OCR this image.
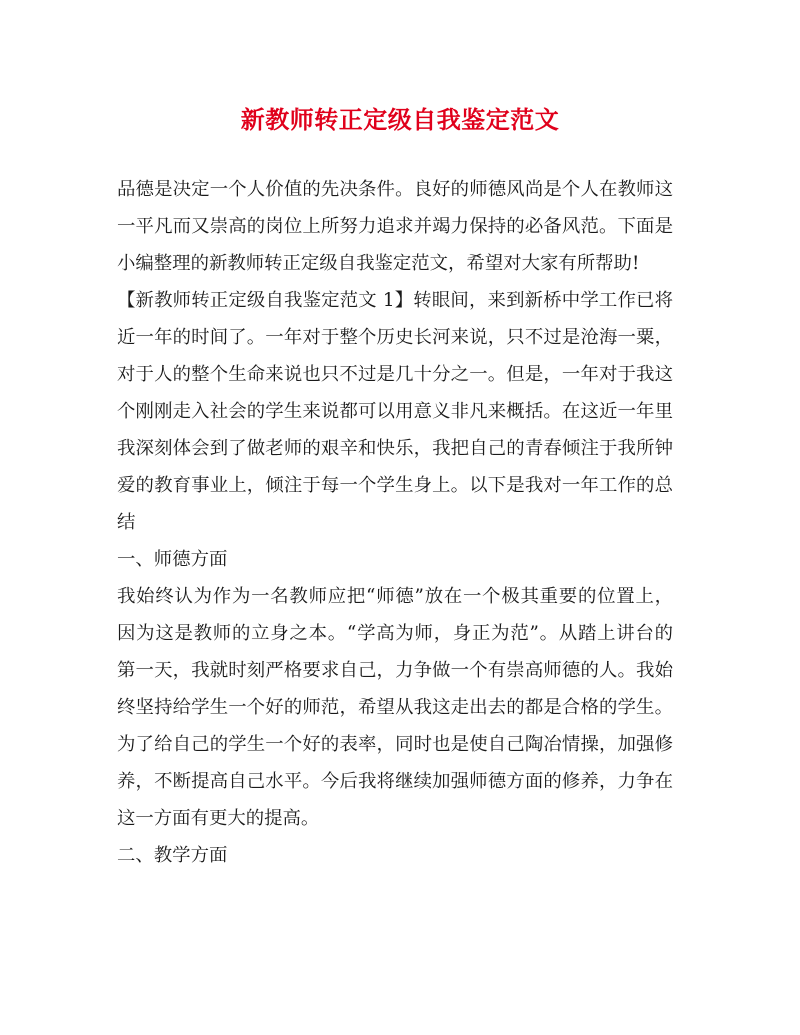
新教师转正定级自我鉴定范文
品德是决定一个人价值的先决条件。良好的师德风尚是个人在教师这
一平凡而又崇高的岗位上所努力追求并竭力保持的必备风范。下面是
小编整理的新教师转正定级自我鉴定范文，希望对大家有所帮助!
【新教师转正定级自我鉴定范文 1】转眼间，来到新桥中学工作已将
近一年的时间了。一年对于整个历史长河来说，只不过是沧海一粟，
对于人的整个生命来说也只不过是几十分之一。但是，一年对于我这
个刚刚走入社会的学生来说都可以用意义非凡来概括。在这近一年里
我深刻体会到了做老师的艰辛和快乐，我把自己的青春倾注于我所钟
爱的教育事业上，倾注于每一个学生身上。以下是我对一年工作的总
结
一、师德方面
我始终认为作为一名教师应把“师德”放在一个极其重要的位置上，
因为这是教师的立身之本。“学高为师，身正为范”。从踏上讲台的
第一天，我就时刻严格要求自己，力争做一个有崇高师德的人。我始
终坚持给学生一个好的师范，希望从我这走出去的都是合格的学生。
为了给自己的学生一个好的表率，同时也是使自己陶冶情操，加强修
养，不断提高自己水平。今后我将继续加强师德方面的修养，力争在
这一方面有更大的提高。
二、教学方面
